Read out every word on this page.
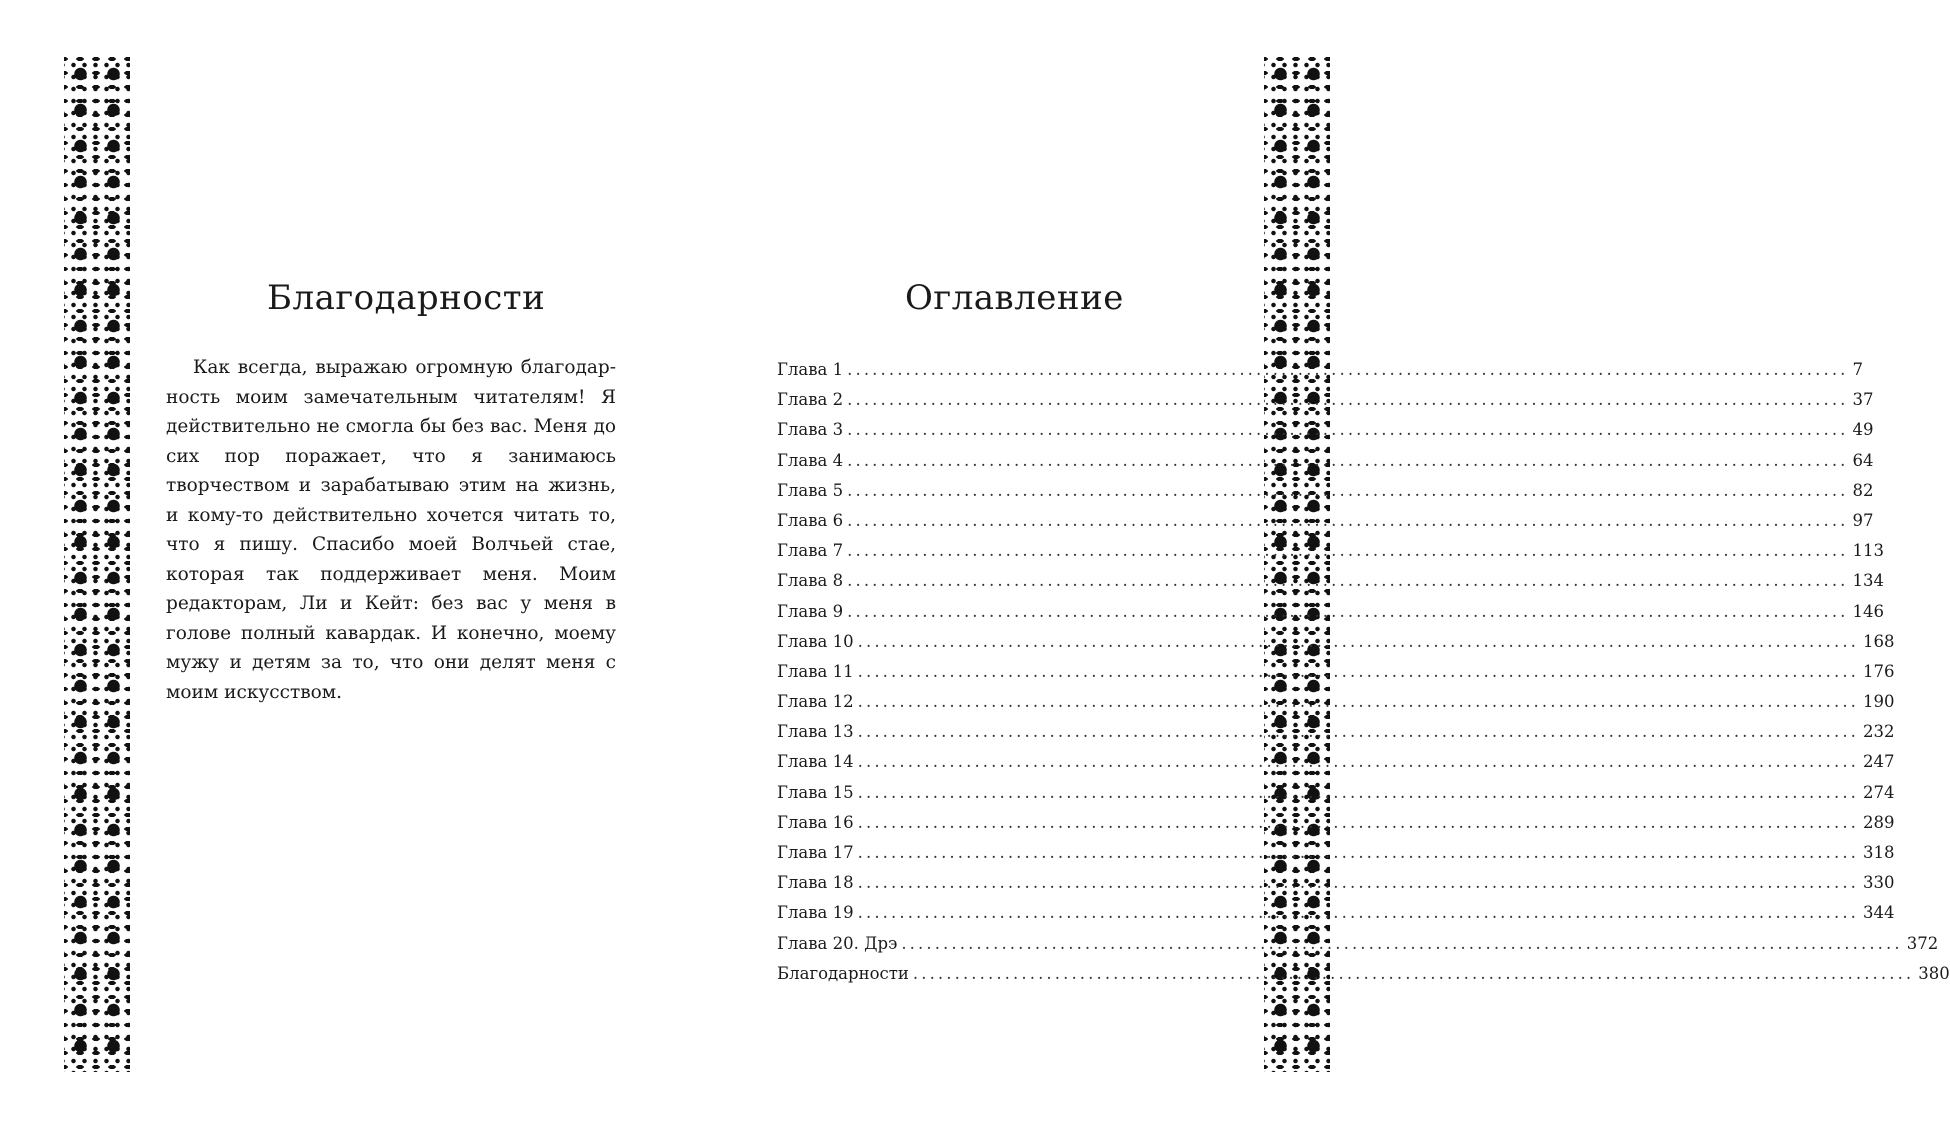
Благодарности
Как всегда, выражаю огромную благодарность моим замечательным читателям! Я действительно не смогла бы без вас. Меня до сих пор поражает, что я занимаюсь творчеством и зарабатываю этим на жизнь, и кому-то действительно хочется читать то, что я пишу. Спасибо моей Волчьей стае, которая так поддерживает меня. Моим редакторам, Ли и Кейт: без вас у меня в голове полный кавардак. И конечно, моему мужу и детям за то, что они делят меня с моим искусством.
Оглавление
Глава 1 ........................................................................................................................ 7
Глава 2 ........................................................................................................................ 37
Глава 3 ........................................................................................................................ 49
Глава 4 ........................................................................................................................ 64
Глава 5 ........................................................................................................................ 82
Глава 6 ........................................................................................................................ 97
Глава 7 ........................................................................................................................ 113
Глава 8 ........................................................................................................................ 134
Глава 9 ........................................................................................................................ 146
Глава 10 ........................................................................................................................ 168
Глава 11 ........................................................................................................................ 176
Глава 12 ........................................................................................................................ 190
Глава 13 ........................................................................................................................ 232
Глава 14 ........................................................................................................................ 247
Глава 15 ........................................................................................................................ 274
Глава 16 ........................................................................................................................ 289
Глава 17 ........................................................................................................................ 318
Глава 18 ........................................................................................................................ 330
Глава 19 ........................................................................................................................ 344
Глава 20. Дрэ ........................................................................................................................ 372
Благодарности ........................................................................................................................ 380
